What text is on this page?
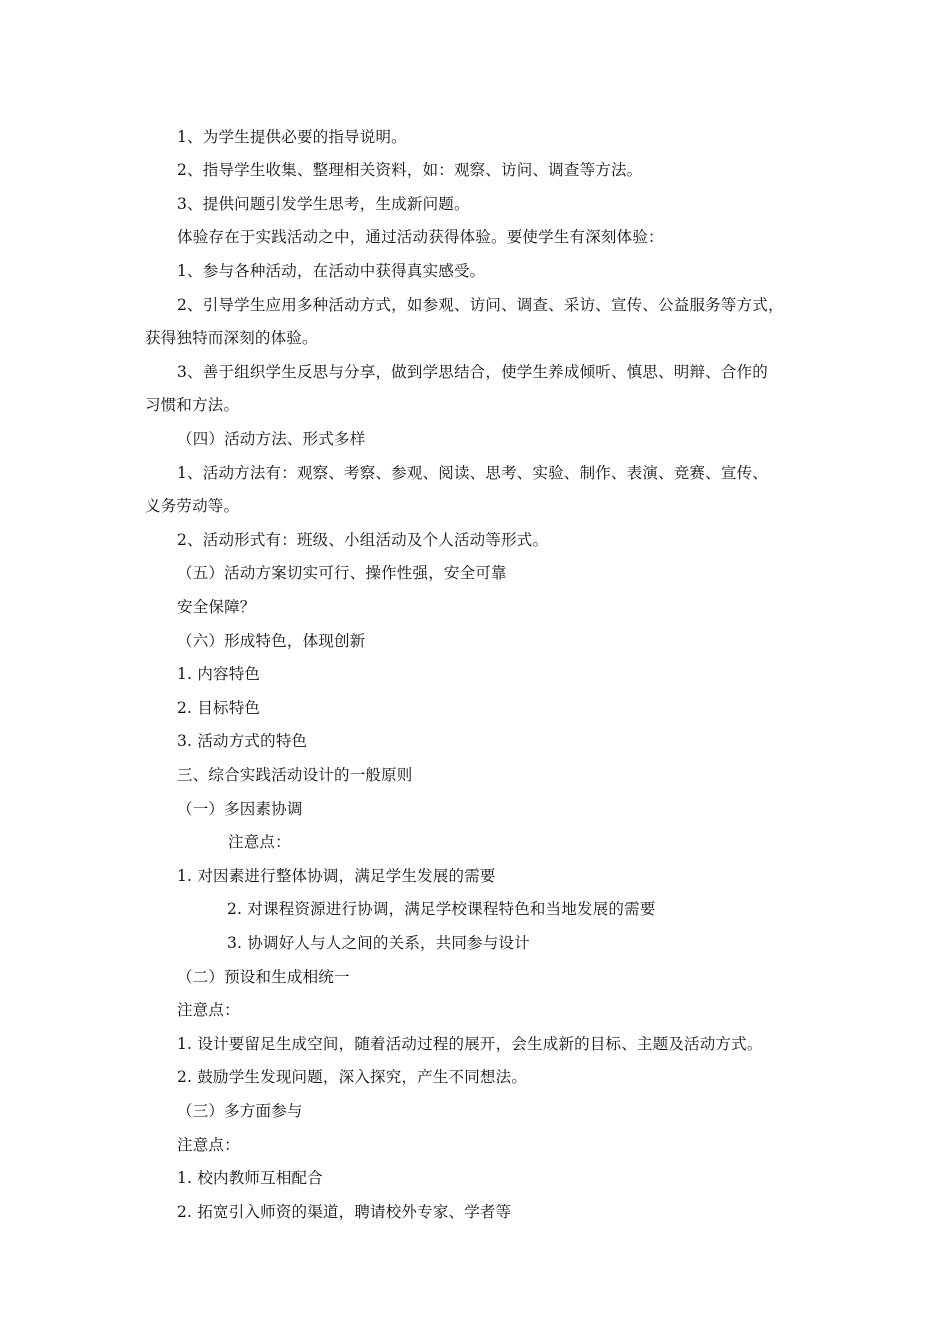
1、为学生提供必要的指导说明。
2、指导学生收集、整理相关资料，如：观察、访问、调查等方法。
3、提供问题引发学生思考，生成新问题。
体验存在于实践活动之中，通过活动获得体验。要使学生有深刻体验：
1、参与各种活动，在活动中获得真实感受。
2、引导学生应用多种活动方式，如参观、访问、调查、采访、宣传、公益服务等方式，
获得独特而深刻的体验。
3、善于组织学生反思与分享，做到学思结合，使学生养成倾听、慎思、明辩、合作的
习惯和方法。
（四）活动方法、形式多样
1、活动方法有：观察、考察、参观、阅读、思考、实验、制作、表演、竞赛、宣传、
义务劳动等。
2、活动形式有：班级、小组活动及个人活动等形式。
（五）活动方案切实可行、操作性强，安全可靠
安全保障？
（六）形成特色，体现创新
1. 内容特色
2. 目标特色
3. 活动方式的特色
三、综合实践活动设计的一般原则
（一）多因素协调
注意点：
1. 对因素进行整体协调，满足学生发展的需要
2. 对课程资源进行协调，满足学校课程特色和当地发展的需要
3. 协调好人与人之间的关系，共同参与设计
（二）预设和生成相统一
注意点：
1. 设计要留足生成空间，随着活动过程的展开，会生成新的目标、主题及活动方式。
2. 鼓励学生发现问题，深入探究，产生不同想法。
（三）多方面参与
注意点：
1. 校内教师互相配合
2. 拓宽引入师资的渠道，聘请校外专家、学者等
